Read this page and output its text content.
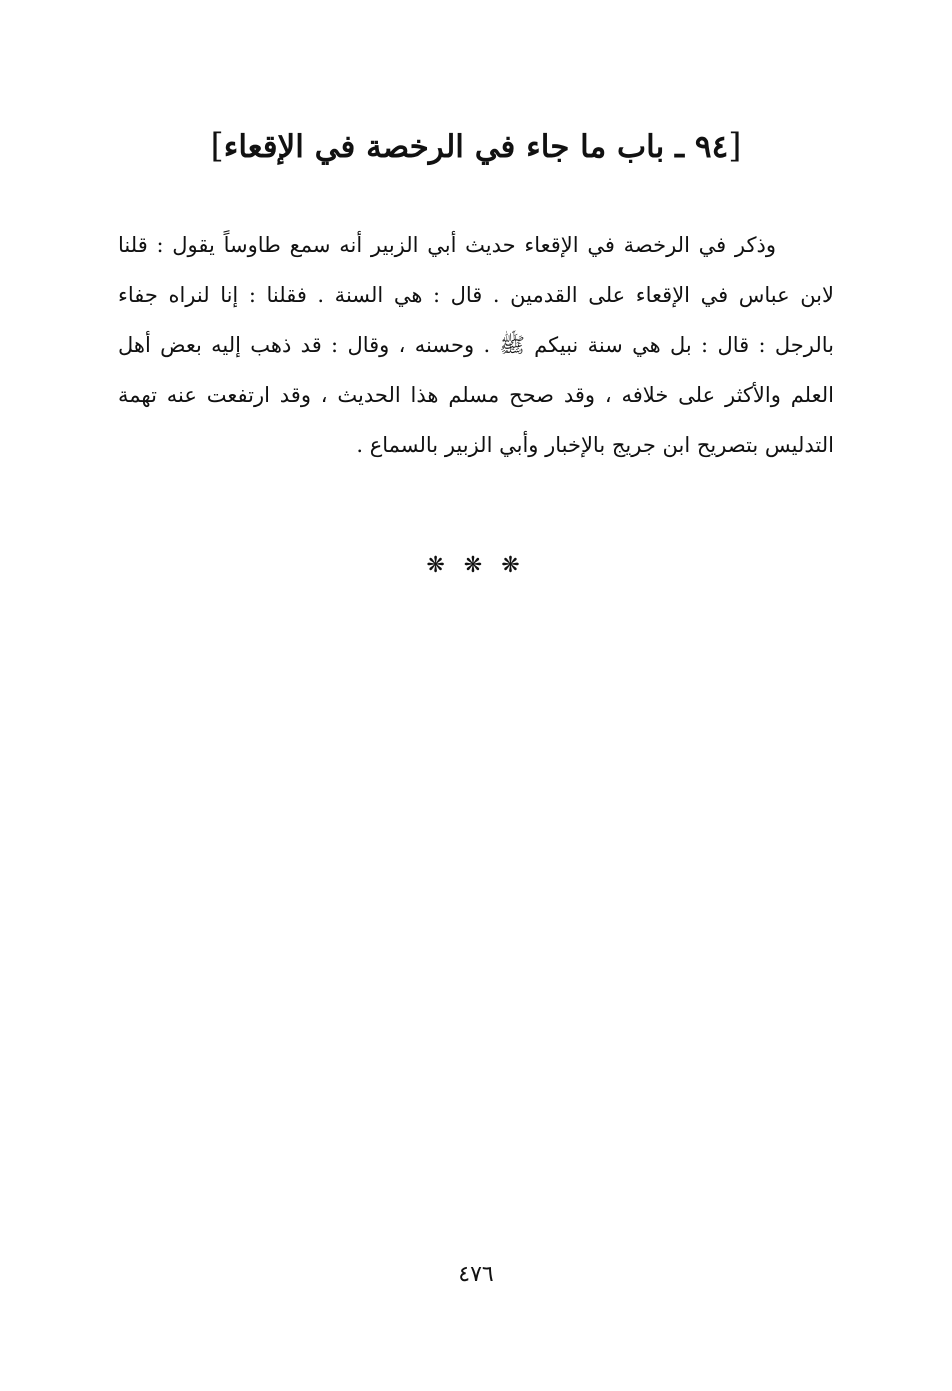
[٩٤ ـ باب ما جاء في الرخصة في الإقعاء]
وذكر في الرخصة في الإقعاء حديث أبي الزبير أنه سمع طاوساً يقول : قلنا
لابن عباس في الإقعاء على القدمين . قال : هي السنة . فقلنا : إنا لنراه جفاء
بالرجل : قال : بل هي سنة نبيكم ﷺ . وحسنه ، وقال : قد ذهب إليه بعض أهل
العلم والأكثر على خلافه ، وقد صحح مسلم هذا الحديث ، وقد ارتفعت عنه تهمة
التدليس بتصريح ابن جريج بالإخبار وأبي الزبير بالسماع .
❋ ❋ ❋
٤٧٦
